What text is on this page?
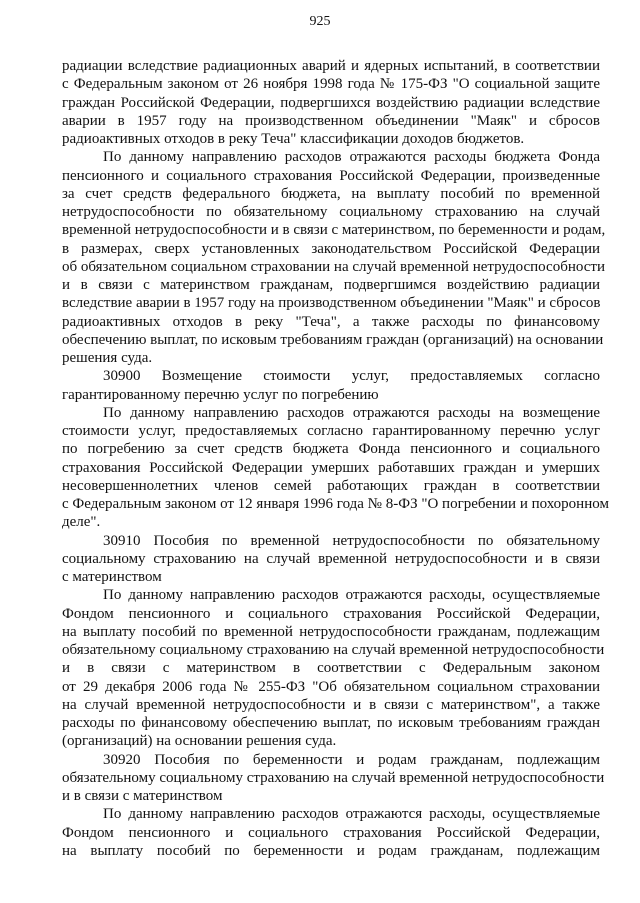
925
радиации вследствие радиационных аварий и ядерных испытаний, в соответствии
с Федеральным законом от 26 ноября 1998 года № 175-ФЗ "О социальной защите
граждан Российской Федерации, подвергшихся воздействию радиации вследствие
аварии в 1957 году на производственном объединении "Маяк" и сбросов
радиоактивных отходов в реку Теча" классификации доходов бюджетов.
По данному направлению расходов отражаются расходы бюджета Фонда
пенсионного и социального страхования Российской Федерации, произведенные
за счет средств федерального бюджета, на выплату пособий по временной
нетрудоспособности по обязательному социальному страхованию на случай
временной нетрудоспособности и в связи с материнством, по беременности и родам,
в размерах, сверх установленных законодательством Российской Федерации
об обязательном социальном страховании на случай временной нетрудоспособности
и в связи с материнством гражданам, подвергшимся воздействию радиации
вследствие аварии в 1957 году на производственном объединении "Маяк" и сбросов
радиоактивных отходов в реку "Теча", а также расходы по финансовому
обеспечению выплат, по исковым требованиям граждан (организаций) на основании
решения суда.
30900 Возмещение стоимости услуг, предоставляемых согласно
гарантированному перечню услуг по погребению
По данному направлению расходов отражаются расходы на возмещение
стоимости услуг, предоставляемых согласно гарантированному перечню услуг
по погребению за счет средств бюджета Фонда пенсионного и социального
страхования Российской Федерации умерших работавших граждан и умерших
несовершеннолетних членов семей работающих граждан в соответствии
с Федеральным законом от 12 января 1996 года № 8-ФЗ "О погребении и похоронном
деле".
30910 Пособия по временной нетрудоспособности по обязательному
социальному страхованию на случай временной нетрудоспособности и в связи
с материнством
По данному направлению расходов отражаются расходы, осуществляемые
Фондом пенсионного и социального страхования Российской Федерации,
на выплату пособий по временной нетрудоспособности гражданам, подлежащим
обязательному социальному страхованию на случай временной нетрудоспособности
и в связи с материнством в соответствии с Федеральным законом
от 29 декабря 2006 года № 255-ФЗ "Об обязательном социальном страховании
на случай временной нетрудоспособности и в связи с материнством", а также
расходы по финансовому обеспечению выплат, по исковым требованиям граждан
(организаций) на основании решения суда.
30920 Пособия по беременности и родам гражданам, подлежащим
обязательному социальному страхованию на случай временной нетрудоспособности
и в связи с материнством
По данному направлению расходов отражаются расходы, осуществляемые
Фондом пенсионного и социального страхования Российской Федерации,
на выплату пособий по беременности и родам гражданам, подлежащим
